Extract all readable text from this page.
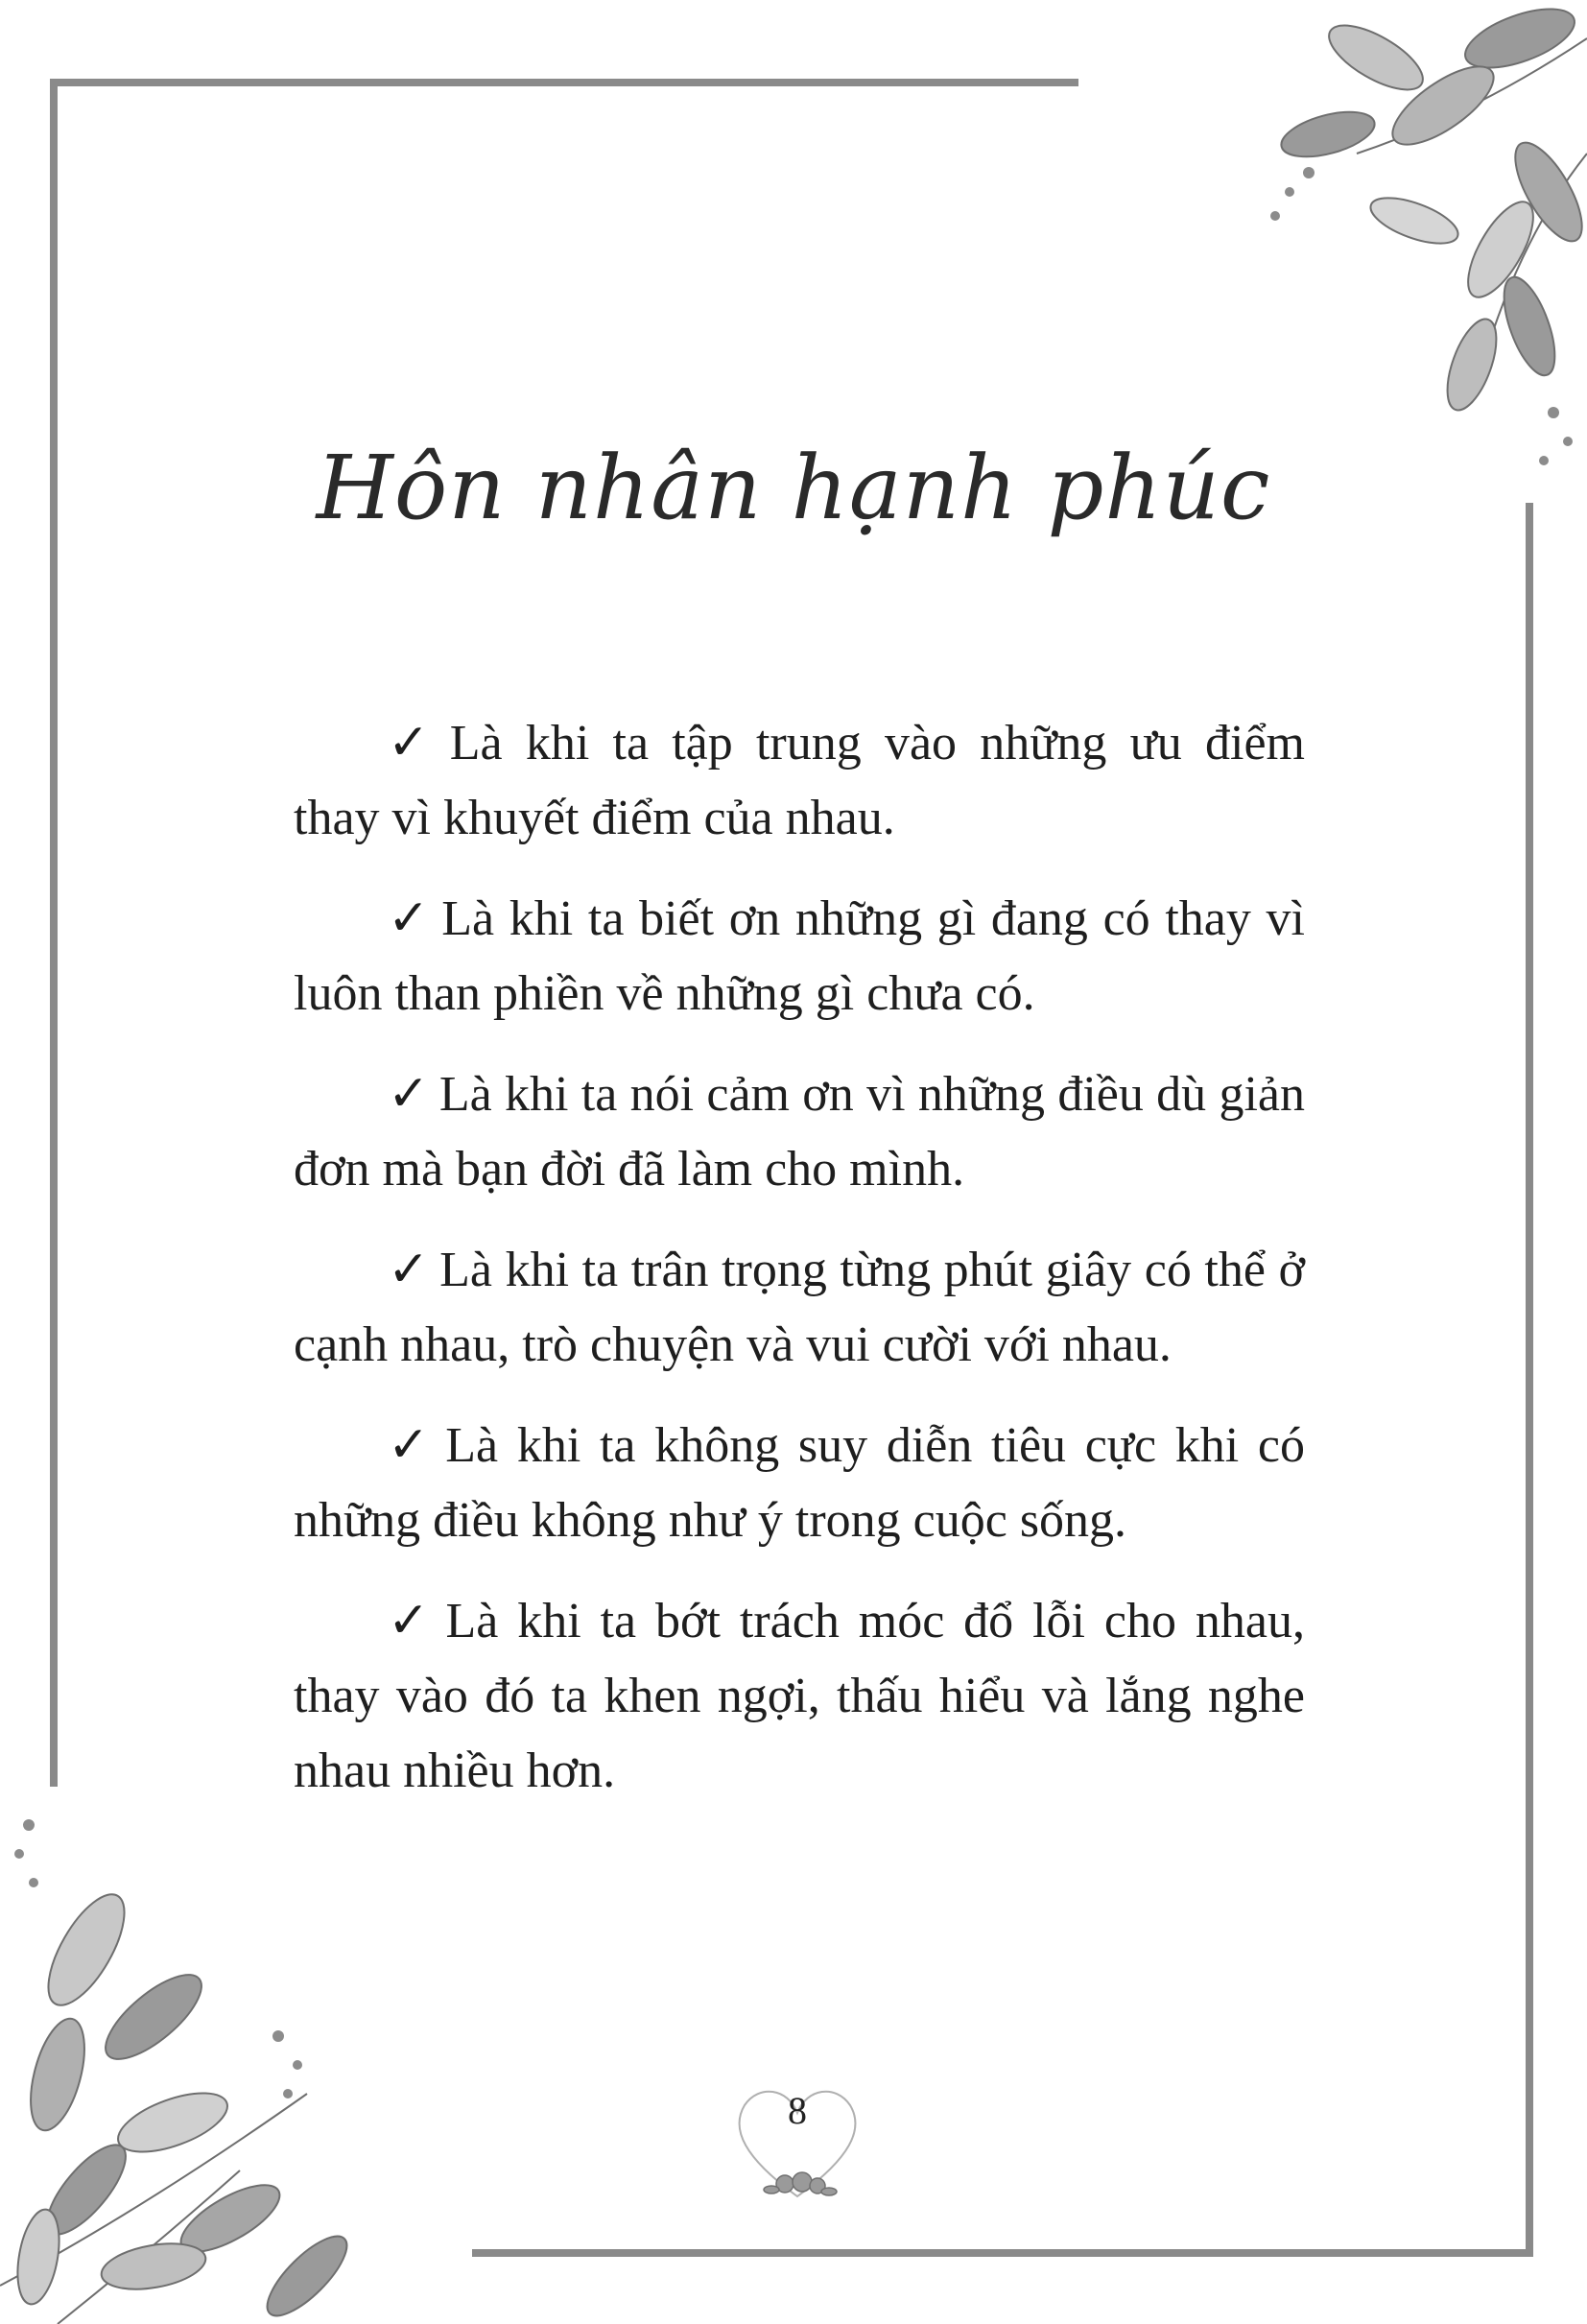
Hôn nhân hạnh phúc

✓ Là khi ta tập trung vào những ưu điểm thay vì khuyết điểm của nhau.

✓ Là khi ta biết ơn những gì đang có thay vì luôn than phiền về những gì chưa có.

✓ Là khi ta nói cảm ơn vì những điều dù giản đơn mà bạn đời đã làm cho mình.

✓ Là khi ta trân trọng từng phút giây có thể ở cạnh nhau, trò chuyện và vui cười với nhau.

✓ Là khi ta không suy diễn tiêu cực khi có những điều không như ý trong cuộc sống.

✓ Là khi ta bớt trách móc đổ lỗi cho nhau, thay vào đó ta khen ngợi, thấu hiểu và lắng nghe nhau nhiều hơn.

8
